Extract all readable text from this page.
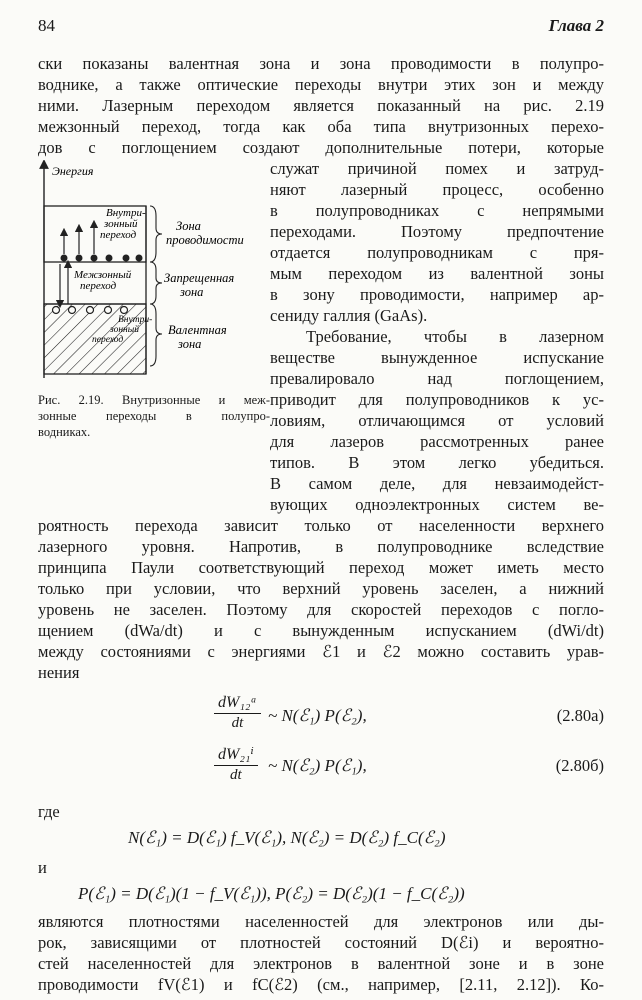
84	Глава 2
ски показаны валентная зона и зона проводимости в полупро-
воднике, а также оптические переходы внутри этих зон и между
ними. Лазерным переходом является показанный на рис. 2.19
межзонный переход, тогда как оба типа внутризонных перехо-
дов с поглощением создают дополнительные потери, которые
служат причиной помех и затруд-
няют лазерный процесс, особенно
в полупроводниках с непрямыми
переходами. Поэтому предпочтение
отдается полупроводникам с пря-
мым переходом из валентной зоны
в зону проводимости, например ар-
сениду галлия (GaAs).
Требование, чтобы в лазерном
веществе вынужденное испускание
превалировало над поглощением,
приводит для полупроводников к ус-
ловиям, отличающимся от условий
для лазеров рассмотренных ранее
типов. В этом легко убедиться.
В самом деле, для невзаимодейст-
вующих одноэлектронных систем ве-
Энергия
Внутри-
зонный
переход
Межзонный
переход
Внутри-
зонный
переход
Зона
проводимости
Запрещенная
зона
Валентная
зона
Рис. 2.19. Внутризонные и меж-
зонные переходы в полупро-
водниках.
роятность перехода зависит только от населенности верхнего
лазерного уровня. Напротив, в полупроводнике вследствие
принципа Паули соответствующий переход может иметь место
только при условии, что верхний уровень заселен, а нижний
уровень не заселен. Поэтому для скоростей переходов с погло-
щением (dWa/dt) и с вынужденным испусканием (dWi/dt)
между состояниями с энергиями ℰ1 и ℰ2 можно составить урав-
нения
$\frac{\text{dW₁₂ᵃ}}{dt}$ ~ N(ℰ₁) P(ℰ₂),	(2.80а)
$\frac{\text{dW₂₁ⁱ}}{dt}$ ~ N(ℰ₂) P(ℰ₁),	(2.80б)
где
N(ℰ₁) = D(ℰ₁) f_V(ℰ₁), N(ℰ₂) = D(ℰ₂) f_C(ℰ₂)
и
P(ℰ₁) = D(ℰ₁)(1 − f_V(ℰ₁)), P(ℰ₂) = D(ℰ₂)(1 − f_C(ℰ₂))
являются плотностями населенностей для электронов или ды-
рок, зависящими от плотностей состояний D(ℰi) и вероятно-
стей населенностей для электронов в валентной зоне и в зоне
проводимости fV(ℰ1) и fC(ℰ2) (см., например, [2.11, 2.12]). Ко-
